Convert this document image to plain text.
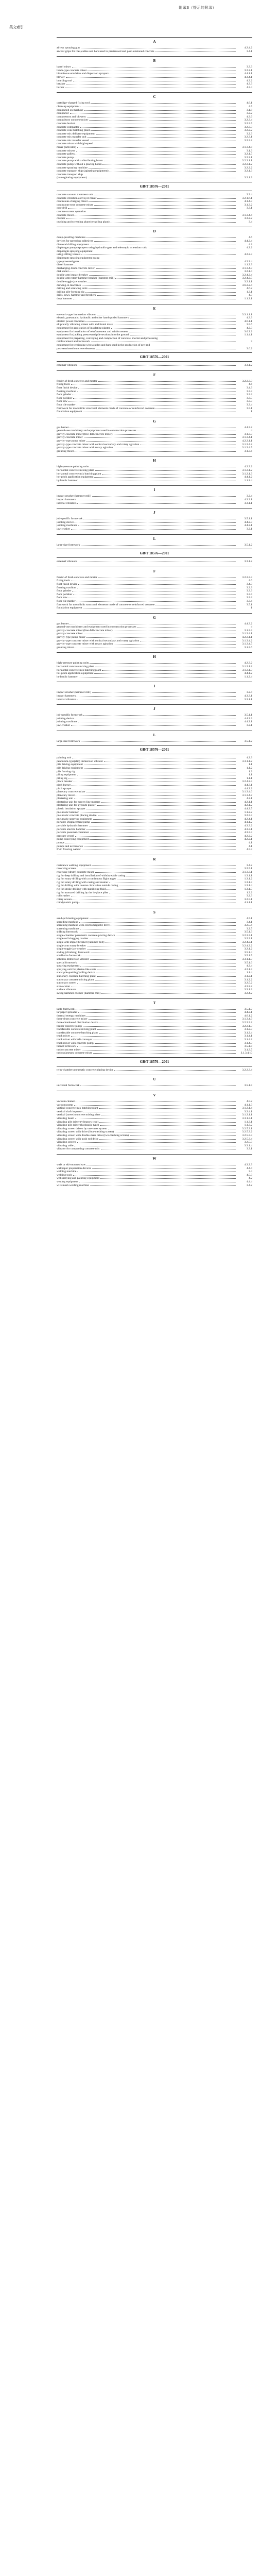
附录B（提示的附录）
英文索引
A
airless spraying gun	4.2.4.2
anchor grips for tiles,cables and bars used in prestressed and post-tensioned concrete	3.4.1
B
barrel mixer	3.3.3
batch-type concrete mixer	3.2.2.1
bituminous emulsion and dispersion sprayers	4.4.1.1
blower	4.3.4.1
boarding tool	4.3.2
breaker	4.3.3
burner	4.3.4
C
cartridge-charged fixing tool	4.6.1
clean-up equipment	4.5
compacted on machine	3.1.8
compactor	3.2.2
compressors and blowers	4.3.6
compulsory concrete mixer	3.2.3.4
concrete bucket	3.2.3.5
concrete compactor	3.2.3.3
concrete cone batching plant	3.2.2.2
concrete mix delivery equipment	3.2.3
concrete mix transfer unit	3.2.3.1
concrete mix transfer vessel	3.2.3.2
concrete mixer with high-speed
mixer (activator)	3.1.3.4.8
concrete mixers	3.1.3
concrete pallets	3.2.1.5
concrete pump	3.2.2.1
concrete pump with a distributing boom	3.2.2.1.1
concrete pump without a placing boom	3.2.2.1.2
concrete spraying machine	3.2.2.2
concrete transport ship (agitating equipment)	3.2.1.3
concrete transport ship
(non-agitating equipment)	3.2.1.3
GB/T 18576—2001
concrete vacuum treatment unit	3.3.4
concrete vibration conveyor mixer	3.2.1.6.1
continuous-charging mixer	4.1.4.3
continuous-type concrete mixer	3.1.3.2
core drill	3.3.1
counter-current operation
concrete mixer	3.1.3.4.4
crusher	3.3.2.2
crushing and screening plant (recycling plant)	3.4
D
damp-proofing machines	4.6
devices for spreading adhesives	4.4.2.4
diamond drilling equipment	4.2
diaphragm pumps/sprayers using hydraulic-gate and telescopic extension rods	4.2.2
diaphragm spraying equipment
using stilling vessels	4.2.2.3
diaphragm spraying equipment using
type-powered gears	4.2.2.4
diesel hammer	1.1.2.3
discharging drum concrete mixer	3.1.3.4.3
disk cutter	3.2.1.4
double-arm impact breaker	3.2.4.2.4
double-arm rotary hammer breaker (hammer mill)	3.2.4.2.5
double-toggle jaw crusher	3.2.1.1
drawing-in machines	3.6.2.2.4
drilling and screwing tools	4.6.2
drilling pile-forming rig	1.3.1
drills, saws, hammer and breakers	4.3
drop hammer	1.1.2.1
E
eccentric-type immersion vibrator	3.3.1.1.1
electric, pneumatic, hydraulic and other hand-guided hammers	4.3.3
electric power machines	4.6.1.1
elliptically vibrating screen with additional mass	3.5.6
equipment for application of insulating plaster	4.2.3
equipment for installation of reinforcement and reinforcement	3.6.2.2
equipment for jacking prestressed pile sections into the ground	1.1.4.1
equipment for preparing, conveying and compaction of concrete, mortar and processing
reinforcement and formwork	3
equipment for tensioning wires,cables and bars used in the production of pre-and
post-tensioned concrete elements	3.6.2
GB/T 18576—2001
external vibrators	3.3.1.2
F
feeder of fresh concrete and mortar	3.2.2.3.3
fixing tools	4.6
float finish device	3.4.3
floating machine	3.3.3
floor grinder	3.3.3
floor polisher	3.3.5
floor saw	3.3.3
floor tile marker	3.3.4
formwork for monolithic structural elements made of concrete or reinforced concrete	3.5.1
foundation equipment	1
G
gas burner	4.4.3.2
general-use machinery and equipment used in construction processes	4
gravity concrete mixer (free-fall concrete mixer)	3.1.3.3
gravity concrete mixer	3.1.3.4.1
gravity-type pump mixer	4.2.2.1.1
gravity-type concrete mixer with conical secondary and rotary agitation	3.1.3.4.2
gravity-type concrete mixer with rotary agitation	3.1.3.4.5
grouting mixer	3.1.3.6
H
high-pressure painting units	4.2.3.2
horizontal concrete mixing plant	3.1.2.1.2
horizontal concrete mix batching plant	3.1.2.1.3
hot-pitch application equipment	4.4.1.2
hydraulic hammer	1.1.2.4
I
impact crusher (hammer mill)	3.2.4
impact hammers	4.3.3.1
internal vibrators	3.3.1.1
J
job-specific formwork	3.5.1.1
jointing device	4.4.2.3
jointing machines	4.4.2.1
jaw crusher	3.2.1
L
large-size formwork	3.5.1.2
GB/T 18576—2001
external vibrators	3.3.1.2
F
feeder of fresh concrete and mortar	3.2.2.3.3
fixing tools	4.6
float finish device	3.4.3
floating machine	3.3.3
floor grinder	3.3.3
floor polisher	3.3.5
floor saw	3.3.3
floor tile marker	3.3.4
formwork for monolithic structural elements made of concrete or reinforced concrete	3.5.1
foundation equipment	1
G
gas burner	4.4.3.2
general-use machinery and equipment used in construction processes	4
gravity concrete mixer (free-fall concrete mixer)	3.1.3.3
gravity concrete mixer	3.1.3.4.1
gravity-type pump mixer	4.2.2.1.1
gravity-type concrete mixer with conical secondary and rotary agitation	3.1.3.4.2
gravity-type concrete mixer with rotary agitation	3.1.3.4.5
grouting mixer	3.1.3.6
H
high-pressure painting units	4.2.3.2
horizontal concrete mixing plant	3.1.2.1.2
horizontal concrete mix batching plant	3.1.2.1.3
hot-pitch application equipment	4.4.1.2
hydraulic hammer	1.1.2.4
I
impact crusher (hammer mill)	3.2.4
impact hammers	4.3.3.1
internal vibrators	3.3.1.1
J
job-specific formwork	3.5.1.1
jointing device	4.4.2.3
jointing machines	4.4.2.1
jaw crusher	3.2.1
L
large-size formwork	3.5.1.2
GB/T 18576—2001
painting unit	4.2.3
pendulum-type(slip) immersion vibrator	3.3.1.1.2
pile driving equipment	1.1
pile driving equipment	1.1.2
pile forming rig	1.3
piling equipment	1.1
piling rig	1.1.1
pinch breaker	3.2.4.2.3
pitch burner	4.4.3.1
pitch sprayer	4.4.2.2
planetary concrete mixer	3.1.3.4.6
planetary mixer	3.1.3.4.7
plastering unit	4.2.1
plastering unit for screen-line mortars	4.2.1.1
plastering unit for gypsum plaster	4.2.1.2
plastic insulation sprayer	4.4.2.5
pneumatic hammer	1.1.2.2
pneumatic concrete placing device	3.2.3.3
pneumatic spraying equipment	4.2.4.1
portable Displacement pump	4.1.1.2
portable hydraulic hammer	4.3.3.2
portable electric hammer	4.3.3.1
portable pneumatic hammer	4.3.3.3
pressure vessel	4.2.2.2
pump conveying equipment	4.2.2.1
pumps	4.1
pumps and accessories	4.1
PVC flooring welder	4.5.3
R
resistance welding equipment	3.4.2
revolving screen	3.2.5.1
reversing (drum) concrete mixer	3.1.3.3.1
rig for deep drilling and installation of withdrawable casing	1.3.1.1
rig for rotary drilling with a continuous flight auger	1.3.1.2
rig for rotary drilling with casing and reamer	1.3.1.3
rig for drilling with reverse circulation outside casing	1.3.1.4
rig for stroke drilling with stabilizing fluid	1.3.1.5
rig for mortared drilling by the in-place piles	1.3.2
roll crusher	3.2.3
rotary screen	3.2.5.1
rotodynamic pump	4.1.1.1
S
sand-jet blasting equipment	4.5.1
screeding machine	3.4.1
screening machine with electromagnetic drive	3.2.5.4
screening machines	3.2.5
shifting formwork	3.5.1.3
single-chamber pneumatic concrete placing device	3.2.2.3.1
single-roll slugging crusher	3.2.3.1
single-arm impact breaker (hammer mill)	3.2.4.2.1
single-arm rotary breaker	3.2.4.2.2
single-toggle jaw crusher	3.2.1.2
sliding (climbing) formwork	3.5.1.4
small-size formwork	3.5.1.5
solution Immersion vibrator	3.3.1.1.3
special formwork	3.5.1.6
spraying equipment	4.2.4
spraying unit for plaster-like coats	4.2.1.3
static pile-pushing/pulling device	1.1.4
stationary concrete batching plant	3.1.2.1
stationary concrete mixing plant	3.1.2.2
stationary screen	3.2.5.2
stone cutter	4.3.2.2
surface vibrators	3.3.1.3
swing-hammer crusher (hammer mill)	3.2.4.2
T
table formwork	3.5.1.7
tar paper spreader	4.4.2.1
thermal energy machines	4.6.1.2
three-drum concrete mixer	3.1.3.4.9
three-chambered distribution device	3.2.2.3.2
timber concrete pump	3.2.2.1.3
transferable concrete mixing plant	3.1.2.3
transferable concrete batching plant	3.1.2.4
truck mixer	3.1.4.1
truck mixer with belt conveyor	3.1.4.2
truck mixer with concrete pump	3.1.4.3
tunnel formwork	3.5.1.8
turbo concrete mixer	3.1.3.5
turbo planetary concrete mixer	3.1.3.4.10
GB/T 18576—2001
twin-chamber pneumatic concrete placing device	3.2.2.3.4
U
universal formwork	3.5.1.9
V
vacuum cleaner	4.5.2
vacuum pump	4.1.1.3
vertical concrete mix batching plant	3.1.2.1.4
vertical shaft impactor	3.2.4.1
vertical (tower) concrete mixing plant	3.1.2.1.1
vibrating beam	3.3.1.3.1
vibrating pile driver (vibratory type)	1.1.3.1
vibrating pile driver (hydraulic type)	1.1.3.2
vibrating screen driven by one-mass system	3.2.5.3.1
vibrating screen with drive (four-meshing screen)	3.2.5.3.2
vibrating screen with double-mass drive (two-meshing screen)	3.2.5.3.3
vibrating screen with push rod drive	3.2.5.3.4
vibrating screens	3.2.5.3
vibrating table	3.3.1.4
vibrator for compacting concrete mix	3.3.1
W
walk or ski-mounted saw	4.3.2.3
wallpaper preparation devices	4.4.4
welding machine	3.4
welding tools	4.5.3
wet spraying and painting equipment	4.2
wetting equipment	4.4.4
wire mesh welding machine	3.4.2
